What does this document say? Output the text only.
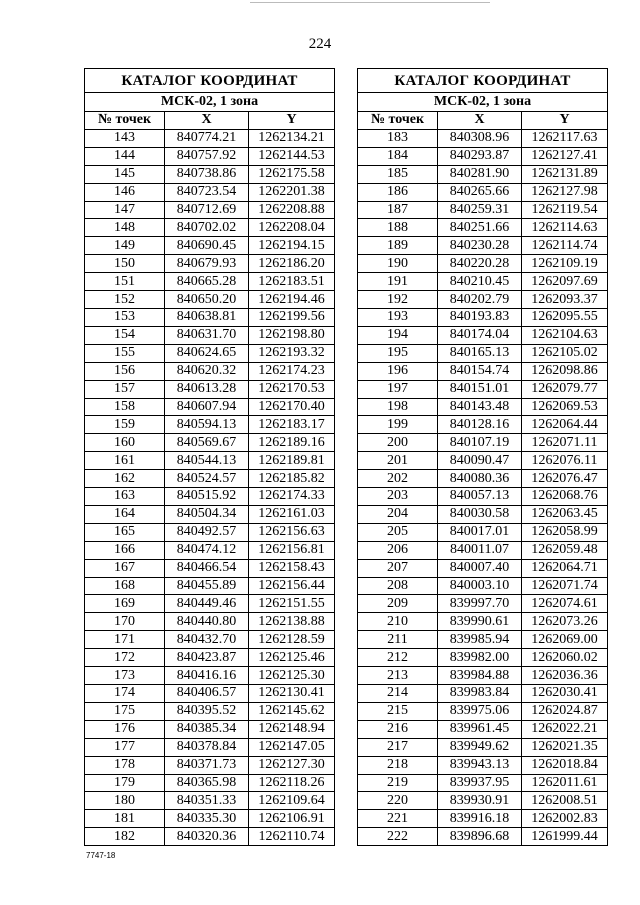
224
КАТАЛОГ КООРДИНАТ		
МСК-02, 1 зона		
№ точек	X	Y
143	840774.21	1262134.21
144	840757.92	1262144.53
145	840738.86	1262175.58
146	840723.54	1262201.38
147	840712.69	1262208.88
148	840702.02	1262208.04
149	840690.45	1262194.15
150	840679.93	1262186.20
151	840665.28	1262183.51
152	840650.20	1262194.46
153	840638.81	1262199.56
154	840631.70	1262198.80
155	840624.65	1262193.32
156	840620.32	1262174.23
157	840613.28	1262170.53
158	840607.94	1262170.40
159	840594.13	1262183.17
160	840569.67	1262189.16
161	840544.13	1262189.81
162	840524.57	1262185.82
163	840515.92	1262174.33
164	840504.34	1262161.03
165	840492.57	1262156.63
166	840474.12	1262156.81
167	840466.54	1262158.43
168	840455.89	1262156.44
169	840449.46	1262151.55
170	840440.80	1262138.88
171	840432.70	1262128.59
172	840423.87	1262125.46
173	840416.16	1262125.30
174	840406.57	1262130.41
175	840395.52	1262145.62
176	840385.34	1262148.94
177	840378.84	1262147.05
178	840371.73	1262127.30
179	840365.98	1262118.26
180	840351.33	1262109.64
181	840335.30	1262106.91
182	840320.36	1262110.74
КАТАЛОГ КООРДИНАТ		
МСК-02, 1 зона		
№ точек	X	Y
183	840308.96	1262117.63
184	840293.87	1262127.41
185	840281.90	1262131.89
186	840265.66	1262127.98
187	840259.31	1262119.54
188	840251.66	1262114.63
189	840230.28	1262114.74
190	840220.28	1262109.19
191	840210.45	1262097.69
192	840202.79	1262093.37
193	840193.83	1262095.55
194	840174.04	1262104.63
195	840165.13	1262105.02
196	840154.74	1262098.86
197	840151.01	1262079.77
198	840143.48	1262069.53
199	840128.16	1262064.44
200	840107.19	1262071.11
201	840090.47	1262076.11
202	840080.36	1262076.47
203	840057.13	1262068.76
204	840030.58	1262063.45
205	840017.01	1262058.99
206	840011.07	1262059.48
207	840007.40	1262064.71
208	840003.10	1262071.74
209	839997.70	1262074.61
210	839990.61	1262073.26
211	839985.94	1262069.00
212	839982.00	1262060.02
213	839984.88	1262036.36
214	839983.84	1262030.41
215	839975.06	1262024.87
216	839961.45	1262022.21
217	839949.62	1262021.35
218	839943.13	1262018.84
219	839937.95	1262011.61
220	839930.91	1262008.51
221	839916.18	1262002.83
222	839896.68	1261999.44
7747-18
